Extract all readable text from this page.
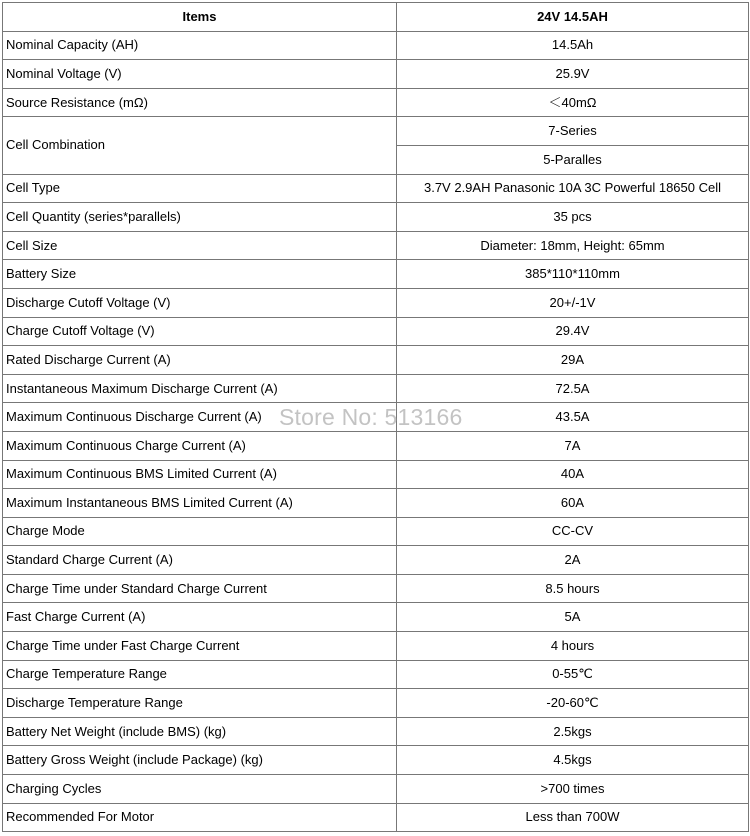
Items	24V 14.5AH
Nominal Capacity (AH)	14.5Ah
Nominal Voltage (V)	25.9V
Source Resistance (mΩ)	＜40mΩ
Cell Combination	7-Series
	5-Paralles
Cell Type	3.7V 2.9AH Panasonic 10A 3C Powerful 18650 Cell
Cell Quantity (series*parallels)	35 pcs
Cell Size	Diameter: 18mm, Height: 65mm
Battery Size	385*110*110mm
Discharge Cutoff Voltage (V)	20+/-1V
Charge Cutoff Voltage (V)	29.4V
Rated Discharge Current (A)	29A
Instantaneous Maximum Discharge Current (A)	72.5A
Maximum Continuous Discharge Current (A)	43.5A
Maximum Continuous Charge Current (A)	7A
Maximum Continuous BMS Limited Current (A)	40A
Maximum Instantaneous BMS Limited Current (A)	60A
Charge Mode	CC-CV
Standard Charge Current (A)	2A
Charge Time under Standard Charge Current	8.5 hours
Fast Charge Current (A)	5A
Charge Time under Fast Charge Current	4 hours
Charge Temperature Range	0-55℃
Discharge Temperature Range	-20-60℃
Battery Net Weight (include BMS) (kg)	2.5kgs
Battery Gross Weight (include Package) (kg)	4.5kgs
Charging Cycles	>700 times
Recommended For Motor	Less than 700W
Store No: 513166
